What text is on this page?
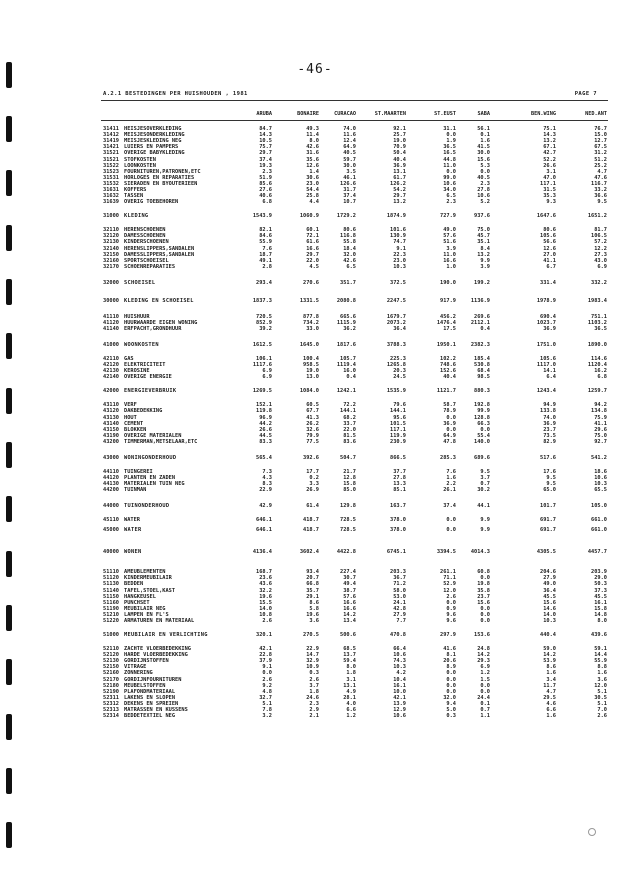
-46-
A.2.1 BESTEDINGEN PER HUISHOUDEN , 1981	PAGE 7
ARUBA	BONAIRE	CURACAO	ST.MAARTEN	ST.EUST	SABA	BEN.WING	NED.ANT
31411 HEISJESOVERKLEDING	84.7	49.3	74.0	92.1	31.1	56.1	75.1	76.7
31412 MEISJESONDERKLEDING	14.3	11.4	11.6	25.7	0.0	0.1	14.3	15.0
31419 MEISJESKLEDING NEG	10.5	8.0	12.4	19.0	1.9	1.6	13.2	12.7
31421 LUIERS EN PAMPERS	75.7	42.6	64.9	70.9	36.5	41.5	67.1	67.5
31521 OVERIGE BABYKLEDING	29.7	31.6	40.5	50.4	16.5	30.0	42.7	31.2
31521 STOFKOSTEN	37.4	35.6	59.7	40.4	44.8	15.6	52.2	51.2
31522 LOONKOSTEN	19.3	12.6	30.0	36.9	11.0	5.3	26.6	25.2
31523 FOURNITUREN,PATRONEN,ETC	2.3	1.4	3.5	13.1	0.0	0.0	3.1	4.7
31531 HORLOGES EN REPARATIES	51.9	30.6	46.1	61.7	99.0	40.5	47.0	47.6
31532 SIERADEN EN BYOUTERIEEN	85.6	23.0	126.6	126.2	10.6	2.3	117.1	116.7
31631 KOFFERS	27.6	54.4	31.7	54.2	34.0	27.8	31.5	33.2
31632 TASSEN	40.6	25.8	37.4	29.7	6.5	10.6	35.3	36.6
31639 OVERIG TOEBEHOREN	6.8	4.4	10.7	13.2	2.3	5.2	9.3	9.5
31000 KLEDING	1543.9	1060.9	1729.2	1874.9	727.9	937.6	1647.6	1651.2
32110 HERENSCHOENEN	82.1	60.1	80.6	101.6	49.0	75.0	80.6	81.7
32120 DAMESSCHOENEN	84.6	72.1	116.8	130.9	57.6	45.7	105.6	106.5
32130 KINDERSCHOENEN	55.9	61.6	55.8	74.7	51.6	35.1	56.6	57.2
32140 HERENSLIPPERS,SANDALEN	7.6	16.6	18.4	9.1	3.9	8.4	12.6	12.2
32150 DAMESSLIPPERS,SANDALEN	18.7	29.7	32.0	22.3	11.0	13.2	27.0	27.3
32160 SPORTSCHOEISEL	49.1	22.0	42.6	23.0	16.6	9.9	41.1	43.0
32170 SCHOENREPARATIES	2.8	4.5	6.5	10.3	1.0	3.9	6.7	6.9
32000 SCHOEISEL	293.4	270.6	351.7	372.5	190.0	199.2	331.4	332.2
30000 KLEDING EN SCHOEISEL	1837.3	1331.5	2080.8	2247.5	917.9	1136.9	1978.9	1983.4
41110 HUISHUUR	720.5	877.8	665.6	1679.7	456.2	269.6	690.4	751.1
41120 HUURWAARDE EIGEN WONING	852.9	734.2	1115.9	2073.2	1476.4	2112.1	1023.7	1103.2
41140 ERFPACHT,GRONDHUUR	39.2	33.0	36.2	36.4	17.5	0.4	36.9	36.5
41000 WOONKOSTEN	1612.5	1645.0	1817.6	3788.3	1950.1	2382.3	1751.0	1890.0
42110 GAS	106.1	100.4	105.7	225.3	102.2	185.4	105.6	114.6
42120 ELEKTRICITEIT	1117.6	958.5	1119.4	1265.8	748.6	530.8	1117.0	1120.4
42130 KEROSINE	6.9	19.0	16.0	20.3	152.6	68.4	14.1	16.2
42140 OVERIGE ENERGIE	6.9	13.0	0.4	24.5	40.4	98.5	6.4	6.8
42000 ENERGIEVERBRUIK	1269.5	1084.0	1242.1	1535.9	1121.7	880.3	1243.4	1259.7
43110 VERF	152.1	60.5	72.2	79.6	58.7	192.8	94.9	94.2
43120 DAKBEDEKKING	119.8	67.7	144.1	144.1	78.9	99.9	133.8	134.8
43130 HOUT	96.9	41.3	68.2	95.6	0.0	128.8	74.0	75.9
43140 CEMENT	44.2	26.2	33.7	101.5	36.9	66.3	36.9	41.1
43150 BLOKKEN	26.6	32.6	22.0	117.1	0.0	0.0	23.7	29.6
43190 OVERIGE MATERIALEN	44.5	79.9	81.5	119.9	64.9	55.4	73.5	75.0
43200 TIMMERMAN,METSELAAR,ETC	83.3	77.5	83.6	230.9	47.8	140.0	82.9	92.7
43000 WONINGONDERHOUD	565.4	392.6	504.7	866.5	285.3	689.6	517.6	541.2
44110 TUINGEREI	7.3	17.7	21.7	37.7	7.6	9.5	17.6	18.6
44120 PLANTEN EN ZADEN	4.3	0.2	12.8	27.8	1.6	3.7	9.5	10.6
44130 MATERIALEN TUIN NEG	8.3	3.3	15.8	13.3	2.2	0.7	9.5	10.3
44200 TUINMAN	22.9	26.9	85.0	85.1	26.1	30.2	65.0	65.5
44000 TUINONDERHOUD	42.9	61.4	129.8	163.7	37.4	44.1	101.7	105.0
45110 WATER	646.1	418.7	728.5	378.0	0.0	9.9	691.7	661.0
45000 WATER	646.1	418.7	728.5	378.0	0.0	9.9	691.7	661.0
40000 WONEN	4136.4	3602.4	4422.8	6745.1	3394.5	4014.3	4305.5	4457.7
51110 AMEUBLEMENTEN	168.7	93.4	227.4	203.3	261.1	60.8	204.6	203.9
51120 KINDERMEUBILAIR	23.6	20.7	30.7	36.7	71.1	0.0	27.9	29.0
51130 BEDDEN	43.6	66.8	49.4	71.2	52.9	19.8	49.0	50.3
51140 TAFEL,STOEL,KAST	32.2	35.7	38.7	58.0	12.0	35.8	36.4	37.3
51150 HANGKEUSEL	19.6	29.1	57.6	53.0	2.6	23.7	45.5	45.5
51160 PUNCHSET	15.5	8.6	16.6	24.1	0.0	15.6	15.6	16.1
51190 MEUBILAIR NEG	14.0	5.8	16.6	42.8	0.9	0.0	14.6	15.8
51210 LAMPEN EN FL'S	10.8	19.6	14.2	27.9	9.6	0.0	14.0	14.8
51220 ARMATUREN EN MATERIAAL	2.6	3.6	13.4	7.7	9.6	0.0	10.3	8.0
51000 MEUBILAIR EN VERLICHTING	320.1	270.5	500.6	470.8	297.9	153.6	440.4	439.6
52110 ZACHTE VLOERBEDEKKING	42.1	22.9	68.5	66.4	41.6	24.8	59.0	59.1
52120 HARDE VLOERBEDEKKING	22.8	14.7	13.7	10.6	8.1	14.2	14.2	14.4
52130 GORDIJNSTOFFEN	37.9	32.9	59.4	74.3	20.6	29.3	53.9	55.9
52150 VITRAGE	9.1	10.9	8.0	10.3	8.9	6.9	8.6	8.8
52160 ZONNERING	0.0	0.3	1.8	4.2	0.0	1.2	1.6	1.6
52170 GORDIJNFOURNITUREN	2.6	2.6	3.1	10.4	0.0	1.5	3.4	3.6
52180 MEUBELSTOFFEN	9.2	3.7	13.1	16.1	0.0	0.0	11.7	12.0
52190 PLAFONDMATERIAAL	4.8	1.8	4.9	10.0	0.0	0.0	4.7	5.1
52311 LAKENS EN SLOPEN	32.7	24.6	28.1	42.1	32.0	24.4	29.5	30.5
52312 DEKENS EN SPREIEN	5.1	2.3	4.0	13.9	9.4	0.1	4.6	5.1
52313 MATRASSEN EN KUSSENS	7.8	2.9	6.6	12.9	5.0	0.7	6.6	7.0
52314 BEDDETEXTIEL NEG	3.2	2.1	1.2	10.6	0.3	1.1	1.6	2.6
